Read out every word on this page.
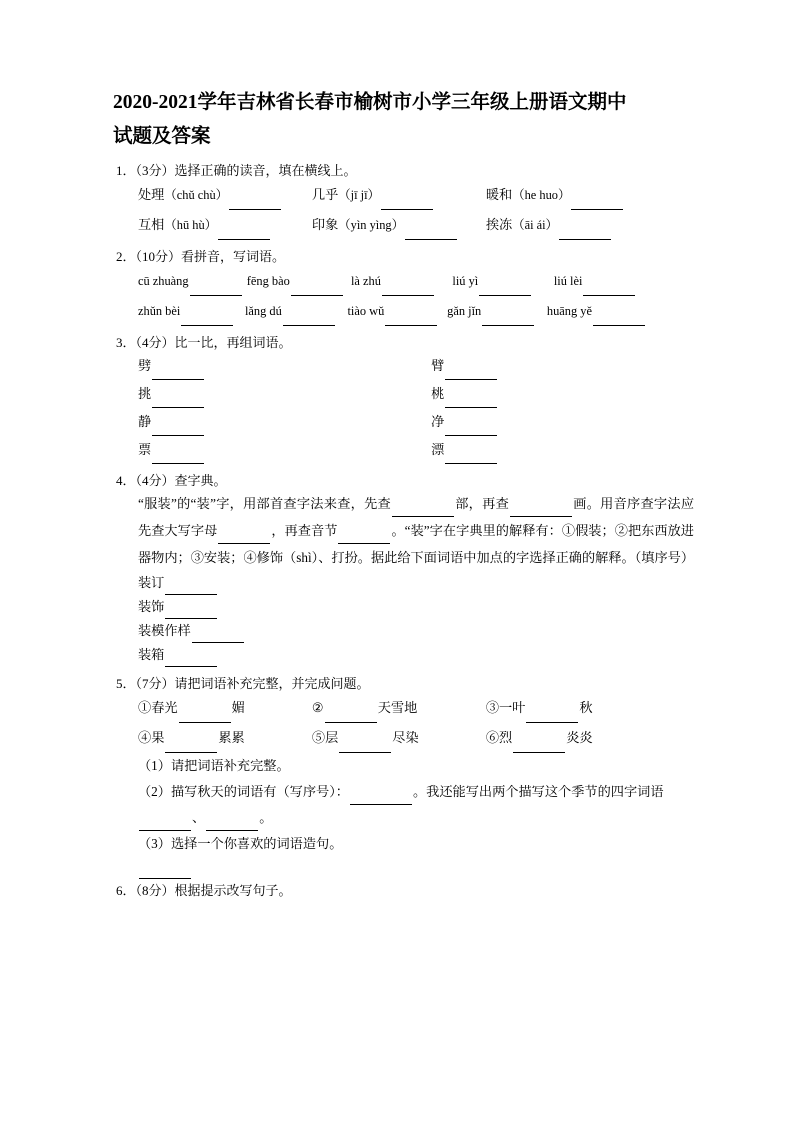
2020-2021学年吉林省长春市榆树市小学三年级上册语文期中试题及答案
1．（3分）选择正确的读音，填在横线上。
处理（chǔ chù）	几乎（jī jī）	暖和（he huo）
互相（hū hù）	印象（yìn yìng）	挨冻（āi ái）
2．（10分）看拼音，写词语。
cū zhuàng	fēng bào	là zhú	liú yì	liú lèi
zhǔn bèi	lǎng dú	tiào wǔ	gǎn jǐn	huāng yě
3．（4分）比一比，再组词语。
劈	臂
挑	桃
静	净
票	漂
4．（4分）查字典。
“服装”的“装”字，用部首查字法来查，先查	部，再查	画。用音序查字法应先查大写字母	，再查音节	。“装”字在字典里的解释有：①假装；②把东西放进器物内；③安装；④修饰（shì）、打扮。据此给下面词语中加点的字选择正确的解释。（填序号）
装订
装饰
装模作样
装箱
5．（7分）请把词语补充完整，并完成问题。
①春光	媚	②	天雪地	③一叶	秋
④果	累累	⑤层	尽染	⑥烈	炎炎
（1）请把词语补充完整。
（2）描写秋天的词语有（写序号）：	。我还能写出两个描写这个季节的四字词语、	。
（3）选择一个你喜欢的词语造句。
6．（8分）根据提示改写句子。
